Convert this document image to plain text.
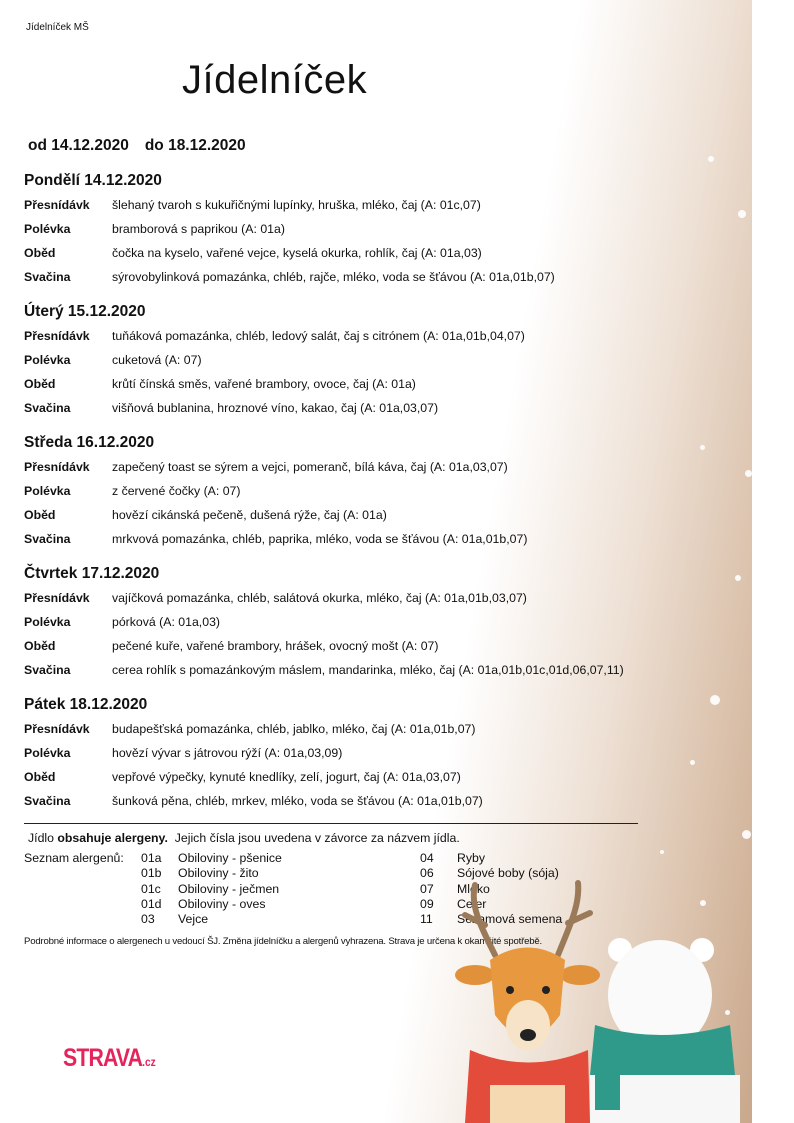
Jídelníček MŠ
Jídelníček
od 14.12.2020 do 18.12.2020
Pondělí 14.12.2020
Přesnídávk šlehaný tvaroh s kukuřičnými lupínky, hruška, mléko, čaj (A: 01c,07)
Polévka	bramborová s paprikou (A: 01a)
Oběd	čočka na kyselo, vařené vejce, kyselá okurka, rohlík, čaj (A: 01a,03)
Svačina	sýrovobylinková pomazánka, chléb, rajče, mléko, voda se šťávou (A: 01a,01b,07)
Úterý 15.12.2020
Přesnídávk tuňáková pomazánka, chléb, ledový salát, čaj s citrónem (A: 01a,01b,04,07)
Polévka	cuketová (A: 07)
Oběd	krůtí čínská směs, vařené brambory, ovoce, čaj (A: 01a)
Svačina	višňová bublanina, hroznové víno, kakao, čaj (A: 01a,03,07)
Středa 16.12.2020
Přesnídávk zapečený toast se sýrem a vejci, pomeranč, bílá káva, čaj (A: 01a,03,07)
Polévka	z červené čočky (A: 07)
Oběd	hovězí cikánská pečeně, dušená rýže, čaj (A: 01a)
Svačina	mrkvová pomazánka, chléb, paprika, mléko, voda se šťávou (A: 01a,01b,07)
Čtvrtek 17.12.2020
Přesnídávk vajíčková pomazánka, chléb, salátová okurka, mléko, čaj (A: 01a,01b,03,07)
Polévka	pórková (A: 01a,03)
Oběd	pečené kuře, vařené brambory, hrášek, ovocný mošt (A: 07)
Svačina	cerea rohlík s pomazánkovým máslem, mandarinka, mléko, čaj (A: 01a,01b,01c,01d,06,07,11)
Pátek 18.12.2020
Přesnídávk budapešťská pomazánka, chléb, jablko, mléko, čaj (A: 01a,01b,07)
Polévka	hovězí vývar s játrovou rýží (A: 01a,03,09)
Oběd	vepřové výpečky, kynuté knedlíky, zelí, jogurt, čaj (A: 01a,03,07)
Svačina	šunková pěna, chléb, mrkev, mléko, voda se šťávou (A: 01a,01b,07)
Jídlo obsahuje alergeny.  Jejich čísla jsou uvedena v závorce za názvem jídla.
Seznam alergenů: 01a Obiloviny - pšenice
01b Obiloviny - žito
01c Obiloviny - ječmen
01d Obiloviny - oves
03 Vejce
04 Ryby
06 Sójové boby (sója)
07 Mléko
09 Celer
11 Sezamová semena
Podrobné informace o alergenech u vedoucí ŠJ. Změna jídelníčku a alergenů vyhrazena. Strava je určena k okamžité spotřebě.
STRAVA.cz
